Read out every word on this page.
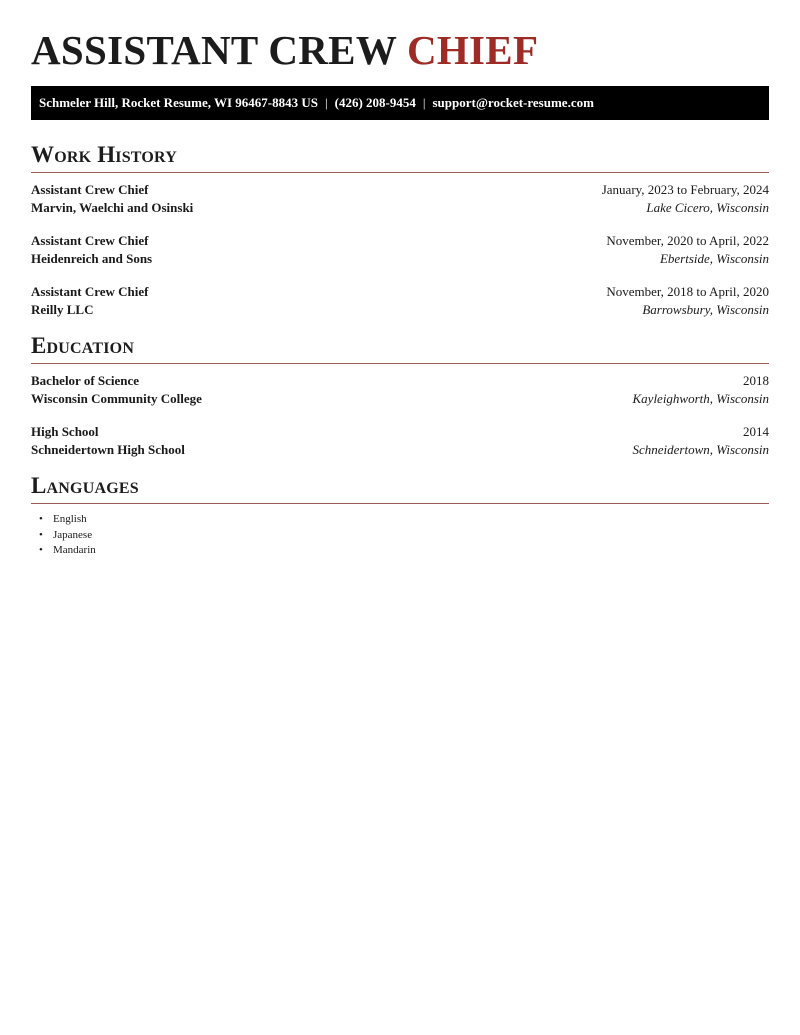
ASSISTANT CREW CHIEF
Schmeler Hill, Rocket Resume, WI 96467-8843 US | (426) 208-9454 | support@rocket-resume.com
Work History
Assistant Crew Chief
Marvin, Waelchi and Osinski
January, 2023 to February, 2024
Lake Cicero, Wisconsin
Assistant Crew Chief
Heidenreich and Sons
November, 2020 to April, 2022
Ebertside, Wisconsin
Assistant Crew Chief
Reilly LLC
November, 2018 to April, 2020
Barrowsbury, Wisconsin
Education
Bachelor of Science
Wisconsin Community College
2018
Kayleighworth, Wisconsin
High School
Schneidertown High School
2014
Schneidertown, Wisconsin
Languages
• English
• Japanese
• Mandarin
